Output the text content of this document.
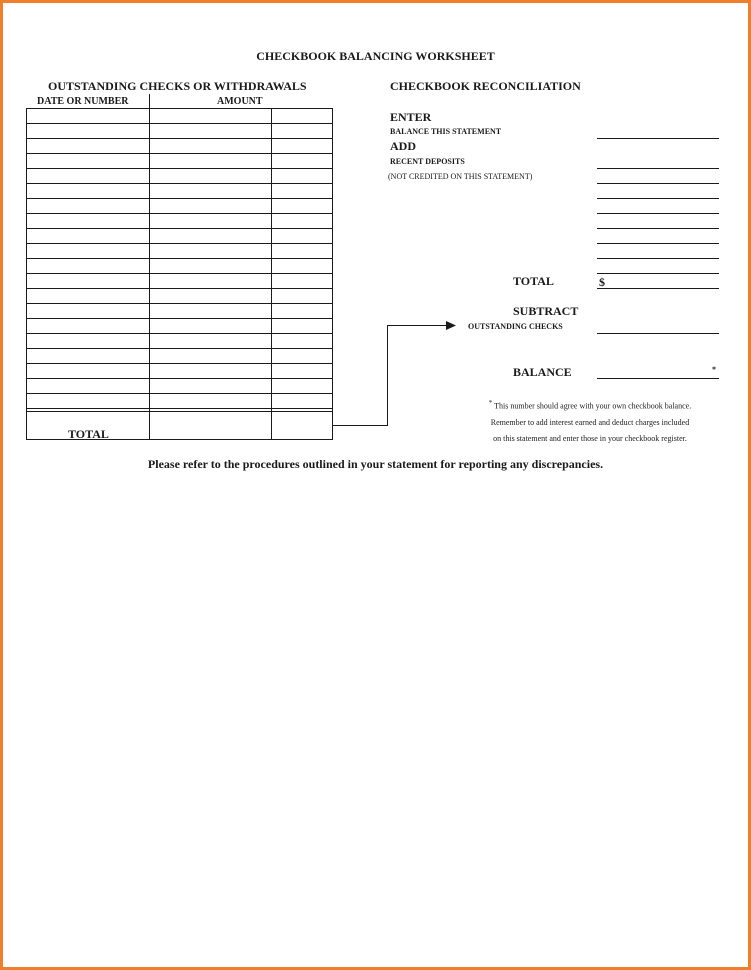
CHECKBOOK BALANCING WORKSHEET
OUTSTANDING CHECKS OR WITHDRAWALS	CHECKBOOK RECONCILIATION
DATE OR NUMBER	AMOUNT
TOTAL
ENTER
BALANCE THIS STATEMENT
ADD
RECENT DEPOSITS
(NOT CREDITED ON THIS STATEMENT)
TOTAL	$
SUBTRACT
OUTSTANDING CHECKS
BALANCE	*

* This number should agree with your own checkbook balance.

Remember to add interest earned and deduct charges included

on this statement and enter those in your checkbook register.

Please refer to the procedures outlined in your statement for reporting any discrepancies.
